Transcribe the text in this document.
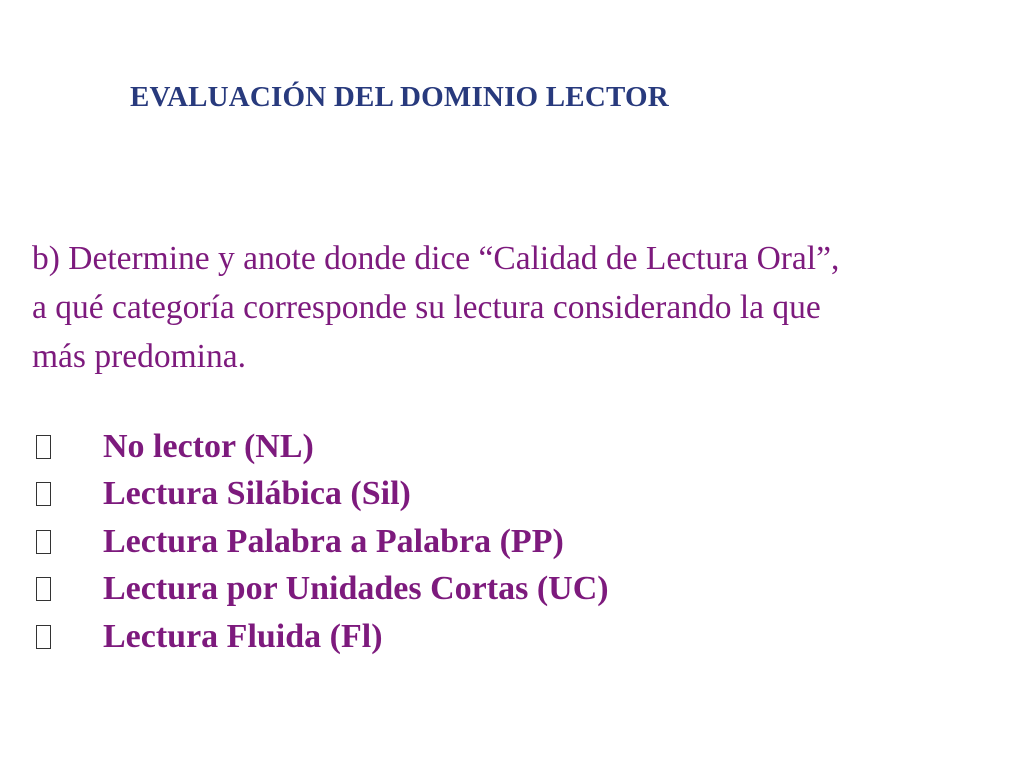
EVALUACIÓN DEL DOMINIO LECTOR

b) Determine y anote donde dice “Calidad de Lectura Oral”,
a qué categoría corresponde su lectura considerando la que
más predomina.

No lector (NL)
Lectura Silábica (Sil)
Lectura Palabra a Palabra (PP)
Lectura por Unidades Cortas (UC)
Lectura Fluida (Fl)
